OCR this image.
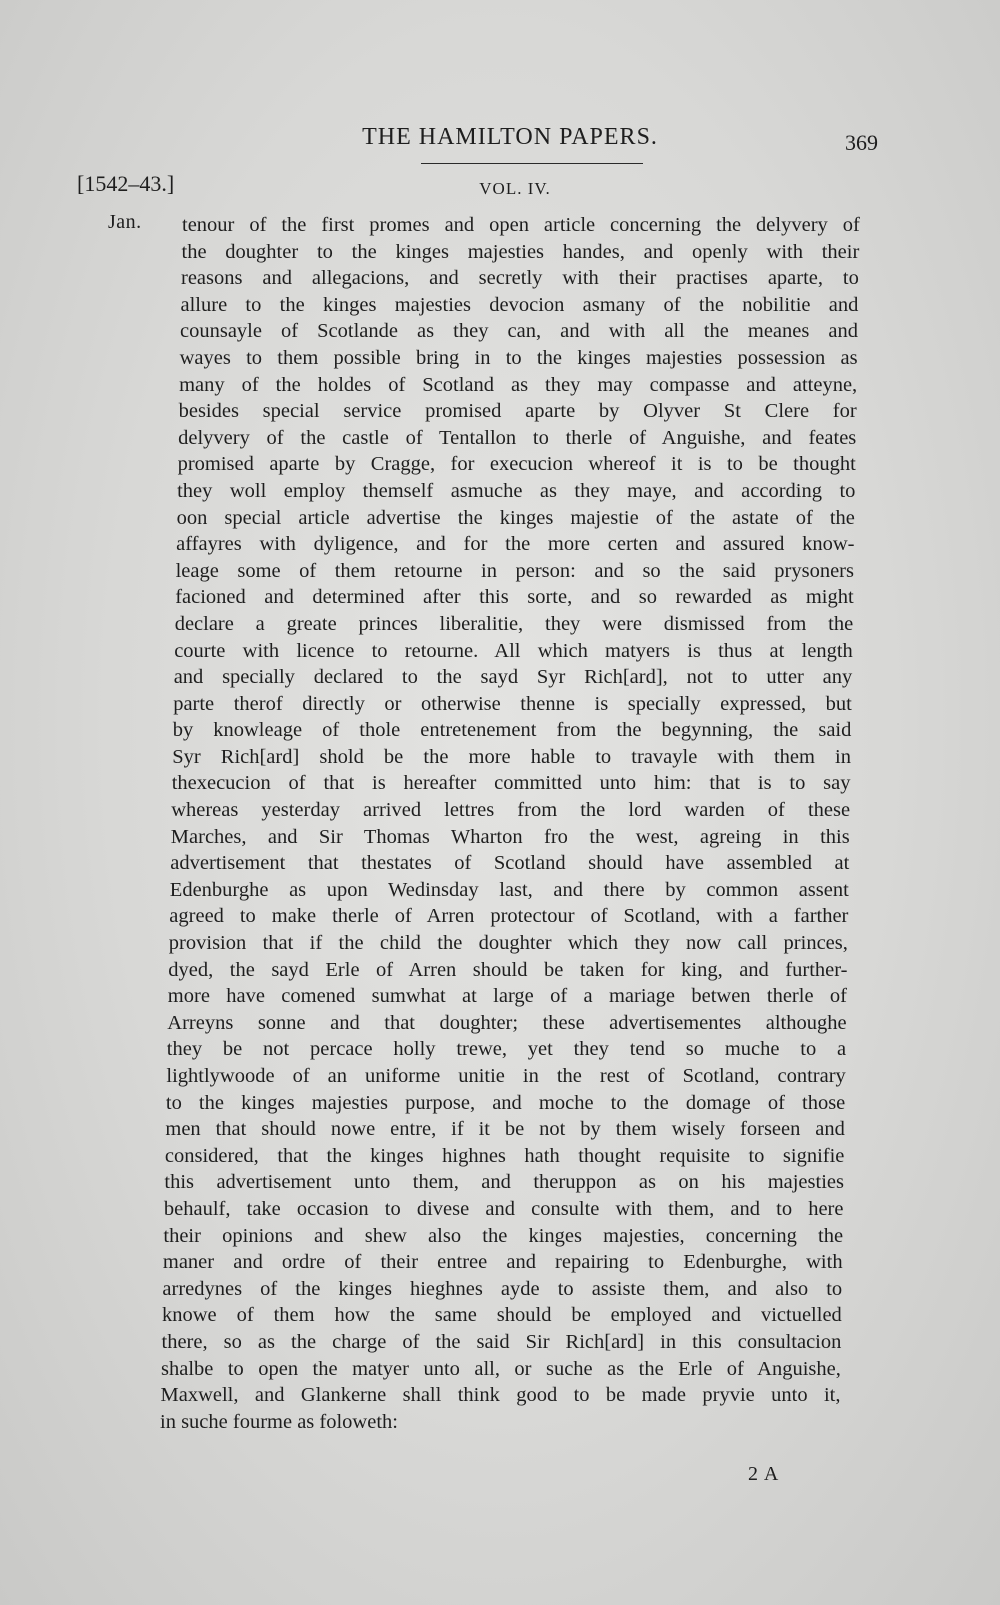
THE HAMILTON PAPERS.	369
[1542–43.]	VOL. IV.
Jan. tenour of the first promes and open article concerning the delyvery of
the doughter to the kinges majesties handes, and openly with their
reasons and allegacions, and secretly with their practises aparte, to
allure to the kinges majesties devocion asmany of the nobilitie and
counsayle of Scotlande as they can, and with all the meanes and
wayes to them possible bring in to the kinges majesties possession as
many of the holdes of Scotland as they may compasse and atteyne,
besides special service promised aparte by Olyver St Clere for
delyvery of the castle of Tentallon to therle of Anguishe, and feates
promised aparte by Cragge, for execucion whereof it is to be thought
they woll employ themself asmuche as they maye, and according to
oon special article advertise the kinges majestie of the astate of the
affayres with dyligence, and for the more certen and assured know-
leage some of them retourne in person: and so the said prysoners
facioned and determined after this sorte, and so rewarded as might
declare a greate princes liberalitie, they were dismissed from the
courte with licence to retourne. All which matyers is thus at length
and specially declared to the sayd Syr Rich[ard], not to utter any
parte therof directly or otherwise thenne is specially expressed, but
by knowleage of thole entretenement from the begynning, the said
Syr Rich[ard] shold be the more hable to travayle with them in
thexecucion of that is hereafter committed unto him: that is to say
whereas yesterday arrived lettres from the lord warden of these
Marches, and Sir Thomas Wharton fro the west, agreing in this
advertisement that thestates of Scotland should have assembled at
Edenburghe as upon Wedinsday last, and there by common assent
agreed to make therle of Arren protectour of Scotland, with a farther
provision that if the child the doughter which they now call princes,
dyed, the sayd Erle of Arren should be taken for king, and further-
more have comened sumwhat at large of a mariage betwen therle of
Arreyns sonne and that doughter; these advertisementes althoughe
they be not percace holly trewe, yet they tend so muche to a
lightlywoode of an uniforme unitie in the rest of Scotland, contrary
to the kinges majesties purpose, and moche to the domage of those
men that should nowe entre, if it be not by them wisely forseen and
considered, that the kinges highnes hath thought requisite to signifie
this advertisement unto them, and theruppon as on his majesties
behaulf, take occasion to divese and consulte with them, and to here
their opinions and shew also the kinges majesties, concerning the
maner and ordre of their entree and repairing to Edenburghe, with
arredynes of the kinges hieghnes ayde to assiste them, and also to
knowe of them how the same should be employed and victuelled
there, so as the charge of the said Sir Rich[ard] in this consultacion
shalbe to open the matyer unto all, or suche as the Erle of Anguishe,
Maxwell, and Glankerne shall think good to be made pryvie unto it,
in suche fourme as foloweth:
2 A
